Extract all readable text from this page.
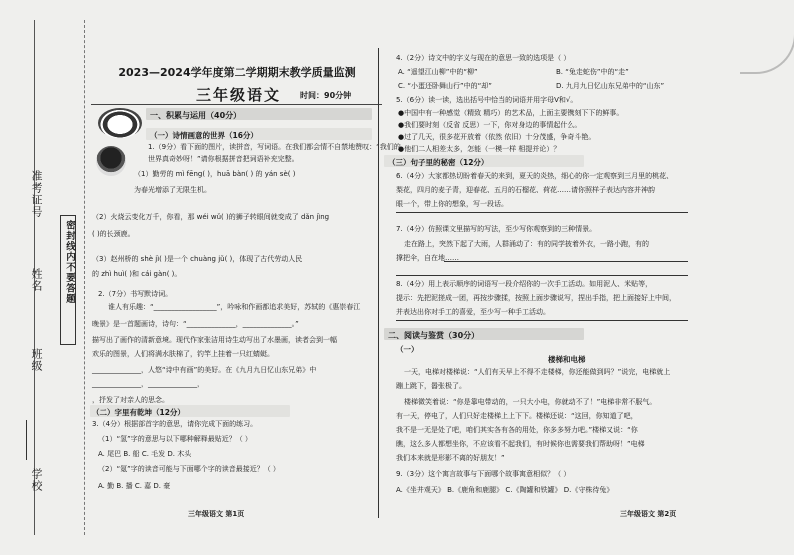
学校
班级
姓名
准考证号
密封线内不要答题
2023—2024学年度第二学期期末教学质量监测
三年级语文 时间：90分钟
一、积累与运用（40分）
（一）诗情画意的世界（16分）
1.（9分）看下面的图片，读拼音，写词语。在我们都会情不自禁地赞叹：“我们的
世界真奇妙呀！”请你根据拼音把词语补充完整。
（1）勤劳的 mì fēng( )，huā bàn( ) 的 yán sè( )
为春光增添了无限生机。
（2）火烧云变化万千，你看，那 wéi wǔ( )的狮子转眼间就变成了 dǎn jìng
( )的长颈鹿。
（3）赵州桥的 shè jì( )是一个 chuàng jǔ( )，体现了古代劳动人民
的 zhì huì( )和 cái gàn( )。
2.（7分）书写默诗词。
谁人有乐趣：“__________________”，吟咏和作画都追求美好，苏轼的《惠崇春江
晚景》是一首题画诗，诗句：“______________，______________。”
描写出了画作的清新意境。现代作家张洁用诗生动写出了水墨画，读者会到一幅
欢乐的图景，人们将满水肤棉了，钓竿上挂着一只红蜻蜓。
______________，人悠“诗中有画”的美好。在《九月九日忆山东兄弟》中
______________，______________，
，抒发了对亲人的思念。
（二）字里有乾坤（12分）
3.（4分）根据部首字的意思，请你完成下面的练习。
（1）“氢”字的意思与以下哪种解释最贴近？（ ）
A. 尾巴 B. 船 C. 毛发 D. 木头
（2）“氪”字的读音可能与下面哪个字的读音最接近？（ ）
A. 勤 B. 播 C. 嘉 D. 豪
三年级语文 第1页
4.（2分）诗文中的字义与现在的意思一致的选项是（ ）
A. “遥望江山柳”中的“柳”	B. “兔走蛇伤”中的“走”
C. “小蛋还卧舞山行”中的“却”	D. 九月九日忆山东兄弟中的“山东”
5.（6分）读一读，选出括号中恰当的词语并用字母Ⅴ和√。
●中国中有一种感觉（精致 精巧）的艺术品，上面主要镌刻下下的鲜事。
●我们要时刻（反省 反思）一下，你对身边的事情起什么。
●过了几天，很多花开放着（依然 依旧）十分茂盛，争奇斗艳。
●他们二人相差太多，怎能（一模一样 相提并论）？
（三）句子里的秘密（12分）
6.（4分）大家都热切盼着春天的来到，夏天的炎热，细心的你一定观察到三月里的桃花、
梨花，四月的麦子青，迎春花、五月的石榴花、荷花……请你照样子表达内容并神韵
眼一个，带上你的想象，写一段话。
7.（4分）仿照课文里描写的写法，至少写你观察到的三种情景。
走在路上，突然下起了大雨，人群涌动了：有的同学披着外衣，一路小跑，有的
撑把伞，自在地……
8.（4分）用上表示顺序的词语写一段介绍你的一次手工活动。如用泥人、米贴等，
提示：先把泥搓成一团，再按步骤揉，按照上面步骤说写，捏出手指，把上面接好上中间，
并表达出你对手工的喜爱，至少写一种手工活动。
二、阅读与鉴赏（30分）
（一）
楼梯和电梯
一天，电梯对楼梯说：“人们有天早上不得不走楼梯，你还能做到吗？”说完，电梯就上
蹦上跳下，嚣张极了。
楼梯微笑着说：“你是靠电带动的，一只大小电，你就动不了！”电梯非常不服气。
有一天，停电了，人们只好走楼梯上上下下。楼梯还说：“这回，你知道了吧，
我不是一无是处了吧，咱们其实各有各的用处，你多多努力吧。”楼梯又说：“你
瞧，这么多人都想坐你，不应该看不起我们，有时候你也需要我们帮助呀！”电梯
我们本来就是形影不离的好朋友！”
9.（3分）这个寓言故事与下面哪个故事寓意相似？（ ）
A.《坐井观天》 B.《鹿角和鹿腿》 C.《陶罐和铁罐》 D.《守株待兔》
三年级语文 第2页
